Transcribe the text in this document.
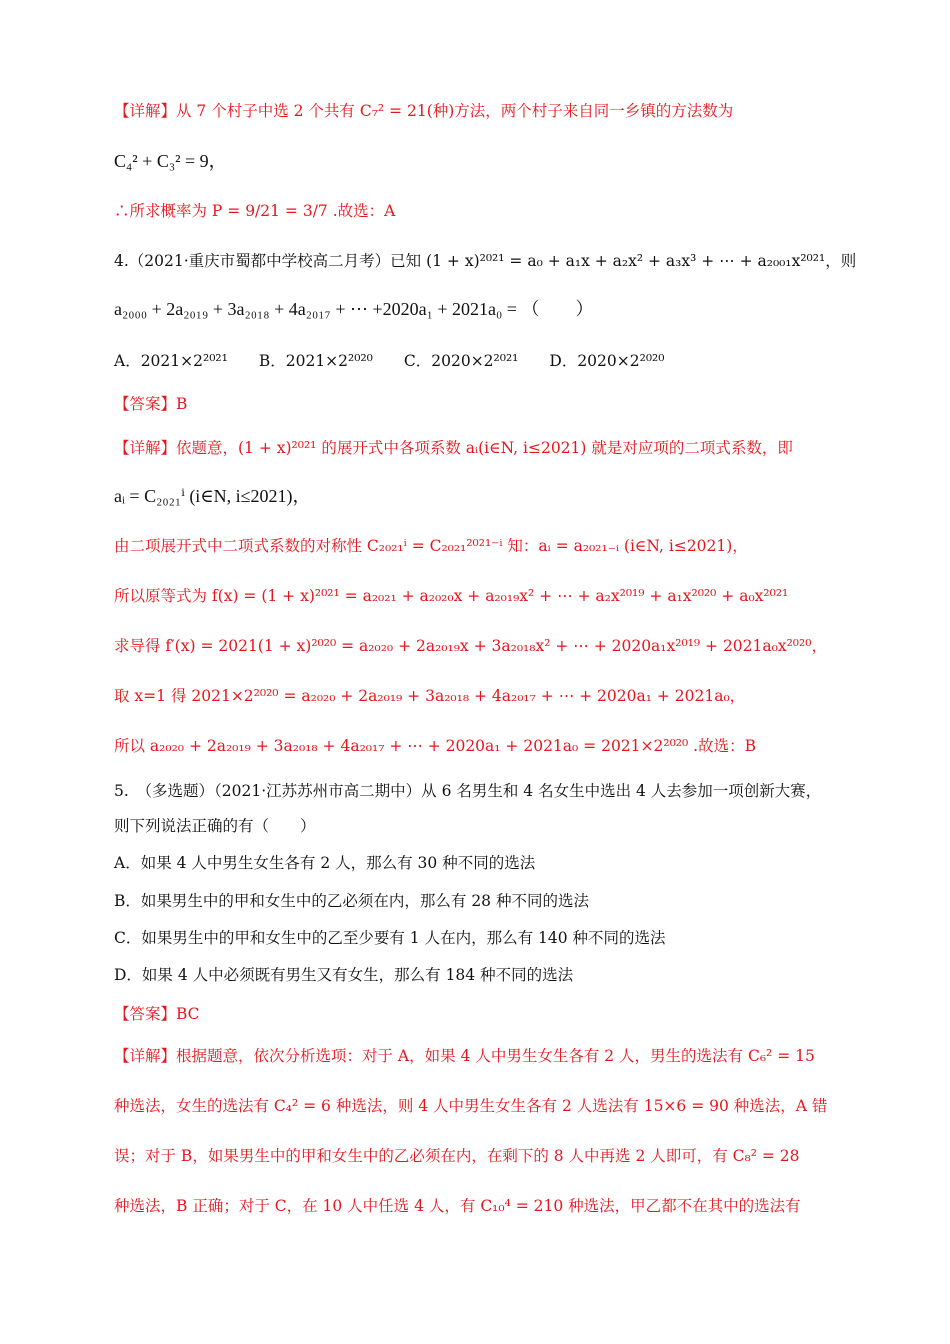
【详解】从 7 个村子中选 2 个共有 C₇² = 21(种)方法，两个村子来自同一乡镇的方法数为
C₄² + C₃² = 9，
∴所求概率为 P = 9/21 = 3/7 .故选：A
4.（2021·重庆市蜀都中学校高二月考）已知 (1 + x)²⁰²¹ = a₀ + a₁x + a₂x² + a₃x³ + ⋯ + a₂₀₀₁x²⁰²¹，则
a₂₀₀₀ + 2a₂₀₁₉ + 3a₂₀₁₈ + 4a₂₀₁₇ + ⋯ +2020a₁ + 2021a₀ = （　　）
A．2021×2²⁰²¹　　B．2021×2²⁰²⁰　　C．2020×2²⁰²¹　　D．2020×2²⁰²⁰
【答案】B
【详解】依题意，(1 + x)²⁰²¹ 的展开式中各项系数 aᵢ(i∈N, i≤2021) 就是对应项的二项式系数，即
aᵢ = C₂₀₂₁ⁱ (i∈N, i≤2021)，
由二项展开式中二项式系数的对称性 C₂₀₂₁ⁱ = C₂₀₂₁²⁰²¹⁻ⁱ 知：aᵢ = a₂₀₂₁₋ᵢ (i∈N, i≤2021)，
所以原等式为 f(x) = (1 + x)²⁰²¹ = a₂₀₂₁ + a₂₀₂₀x + a₂₀₁₉x² + ⋯ + a₂x²⁰¹⁹ + a₁x²⁰²⁰ + a₀x²⁰²¹
求导得 f′(x) = 2021(1 + x)²⁰²⁰ = a₂₀₂₀ + 2a₂₀₁₉x + 3a₂₀₁₈x² + ⋯ + 2020a₁x²⁰¹⁹ + 2021a₀x²⁰²⁰，
取 x=1 得 2021×2²⁰²⁰ = a₂₀₂₀ + 2a₂₀₁₉ + 3a₂₀₁₈ + 4a₂₀₁₇ + ⋯ + 2020a₁ + 2021a₀，
所以 a₂₀₂₀ + 2a₂₀₁₉ + 3a₂₀₁₈ + 4a₂₀₁₇ + ⋯ + 2020a₁ + 2021a₀ = 2021×2²⁰²⁰ .故选：B
5.　（多选题）（2021·江苏苏州市高二期中）从 6 名男生和 4 名女生中选出 4 人去参加一项创新大赛，
则下列说法正确的有（　　）
A．如果 4 人中男生女生各有 2 人，那么有 30 种不同的选法
B．如果男生中的甲和女生中的乙必须在内，那么有 28 种不同的选法
C．如果男生中的甲和女生中的乙至少要有 1 人在内，那么有 140 种不同的选法
D．如果 4 人中必须既有男生又有女生，那么有 184 种不同的选法
【答案】BC
【详解】根据题意，依次分析选项：对于 A，如果 4 人中男生女生各有 2 人，男生的选法有 C₆² = 15
种选法，女生的选法有 C₄² = 6 种选法，则 4 人中男生女生各有 2 人选法有 15×6 = 90 种选法，A 错
误；对于 B，如果男生中的甲和女生中的乙必须在内，在剩下的 8 人中再选 2 人即可，有 C₈² = 28
种选法，B 正确；对于 C，在 10 人中任选 4 人，有 C₁₀⁴ = 210 种选法，甲乙都不在其中的选法有
